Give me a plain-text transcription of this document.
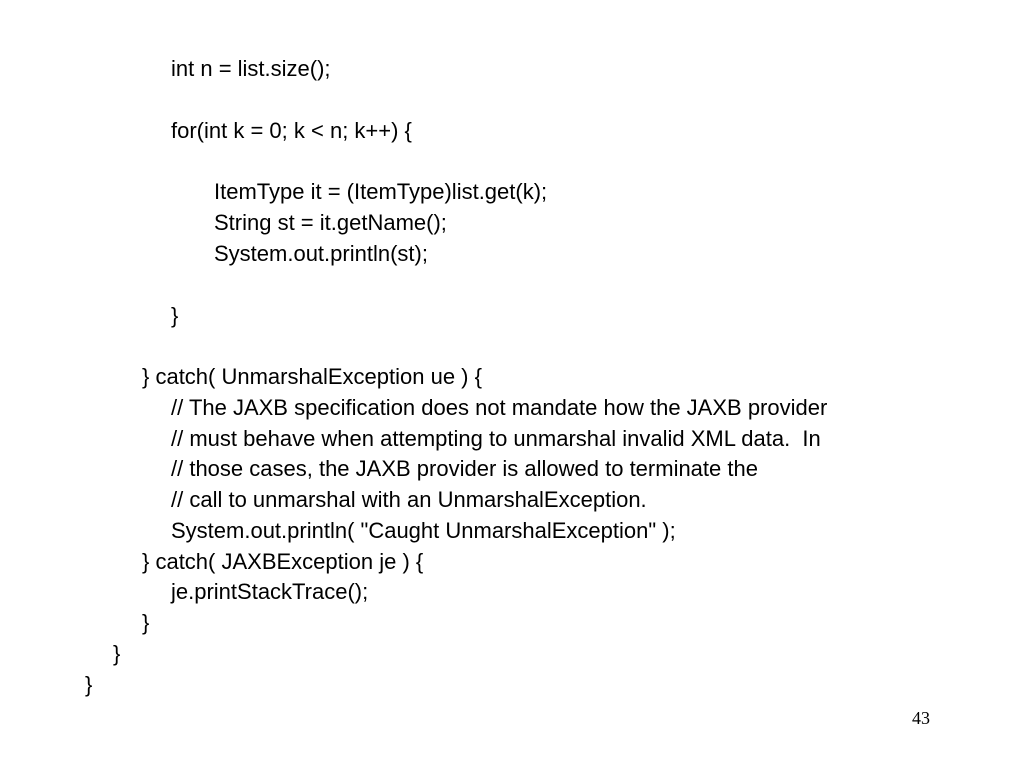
int n = list.size();
for(int k = 0; k < n; k++) {
ItemType it = (ItemType)list.get(k);
String st = it.getName();
System.out.println(st);
}
} catch( UnmarshalException ue ) {
// The JAXB specification does not mandate how the JAXB provider
// must behave when attempting to unmarshal invalid XML data.  In
// those cases, the JAXB provider is allowed to terminate the
// call to unmarshal with an UnmarshalException.
System.out.println( "Caught UnmarshalException" );
} catch( JAXBException je ) {
je.printStackTrace();
}
}
}
43
